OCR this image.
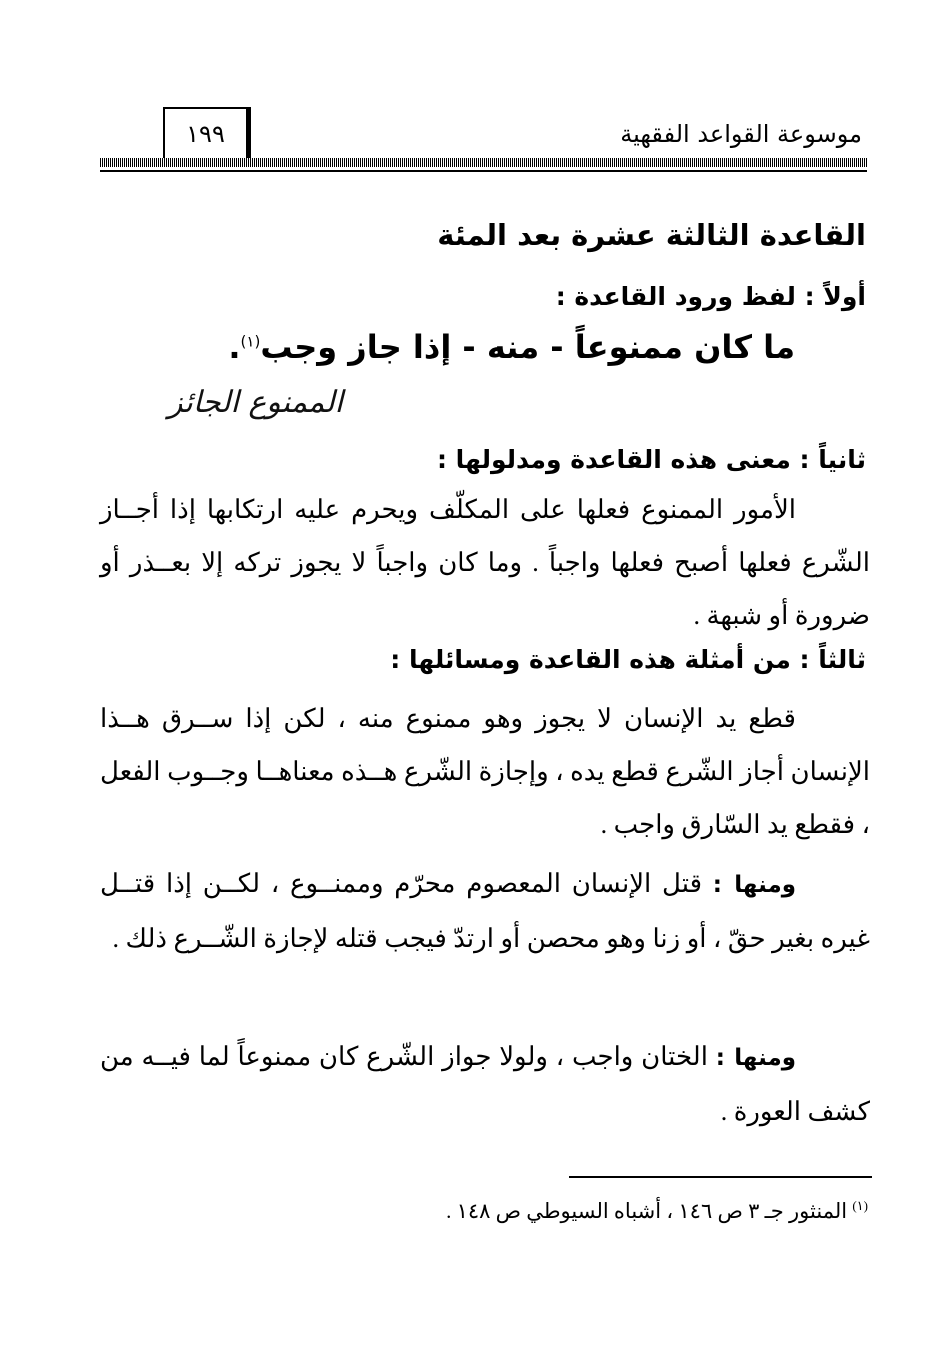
موسوعة القواعد الفقهية
١٩٩
القاعدة الثالثة عشرة بعد المئة
أولاً : لفظ ورود القاعدة :
ما كان ممنوعاً - منه - إذا جاز وجب$^{(١)}$.
الممنوع الجائز
ثانياً : معنى هذه القاعدة ومدلولها :
الأمور الممنوع فعلها على المكلّف ويحرم عليه ارتكابها إذا أجــاز الشّرع فعلها أصبح فعلها واجباً . وما كان واجباً لا يجوز تركه إلا بعــذر أو ضرورة أو شبهة .
ثالثاً : من أمثلة هذه القاعدة ومسائلها :
قطع يد الإنسان لا يجوز وهو ممنوع منه ، لكن إذا ســرق هــذا الإنسان أجاز الشّرع قطع يده ، وإجازة الشّرع هــذه معناهــا وجــوب الفعل ، فقطع يد السّارق واجب .
ومنها : قتل الإنسان المعصوم محرّم وممنــوع ، لكــن إذا قتــل غيره بغير حقّ ، أو زنا وهو محصن أو ارتدّ فيجب قتله لإجازة الشّــرع ذلك .
ومنها : الختان واجب ، ولولا جواز الشّرع كان ممنوعاً لما فيــه من كشف العورة .
$^{(١)}$ المنثور جـ ٣ ص ١٤٦ ، أشباه السيوطي ص ١٤٨ .
